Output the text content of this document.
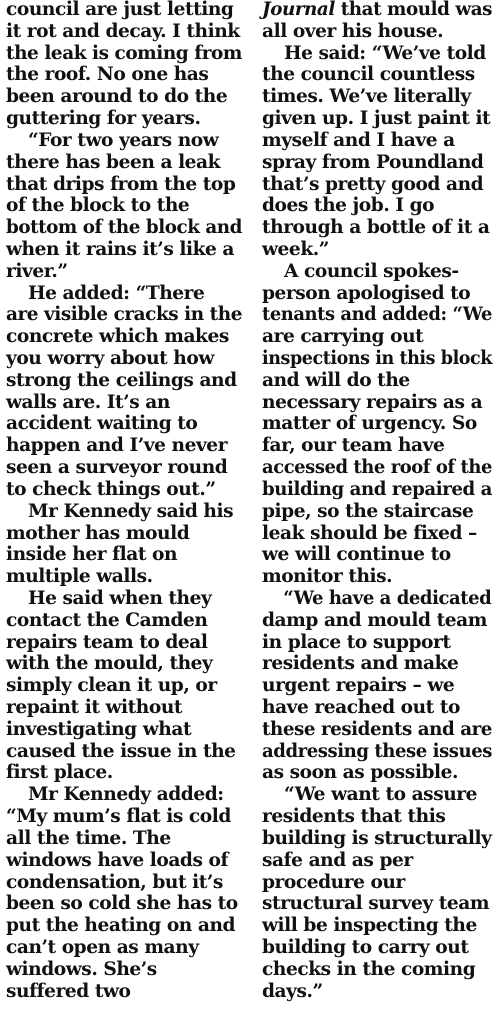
council are just letting
it rot and decay. I think
the leak is coming from
the roof. No one has
been around to do the
guttering for years.
“For two years now
there has been a leak
that drips from the top
of the block to the
bottom of the block and
when it rains it’s like a
river.”
He added: “There
are visible cracks in the
concrete which makes
you worry about how
strong the ceilings and
walls are. It’s an
accident waiting to
happen and I’ve never
seen a surveyor round
to check things out.”
Mr Kennedy said his
mother has mould
inside her flat on
multiple walls.
He said when they
contact the Camden
repairs team to deal
with the mould, they
simply clean it up, or
repaint it without
investigating what
caused the issue in the
first place.
Mr Kennedy added:
“My mum’s flat is cold
all the time. The
windows have loads of
condensation, but it’s
been so cold she has to
put the heating on and
can’t open as many
windows. She’s
suffered two
Journal that mould was
all over his house.
He said: “We’ve told
the council countless
times. We’ve literally
given up. I just paint it
myself and I have a
spray from Poundland
that’s pretty good and
does the job. I go
through a bottle of it a
week.”
A council spokes-
person apologised to
tenants and added: “We
are carrying out
inspections in this block
and will do the
necessary repairs as a
matter of urgency. So
far, our team have
accessed the roof of the
building and repaired a
pipe, so the staircase
leak should be fixed –
we will continue to
monitor this.
“We have a dedicated
damp and mould team
in place to support
residents and make
urgent repairs – we
have reached out to
these residents and are
addressing these issues
as soon as possible.
“We want to assure
residents that this
building is structurally
safe and as per
procedure our
structural survey team
will be inspecting the
building to carry out
checks in the coming
days.”
